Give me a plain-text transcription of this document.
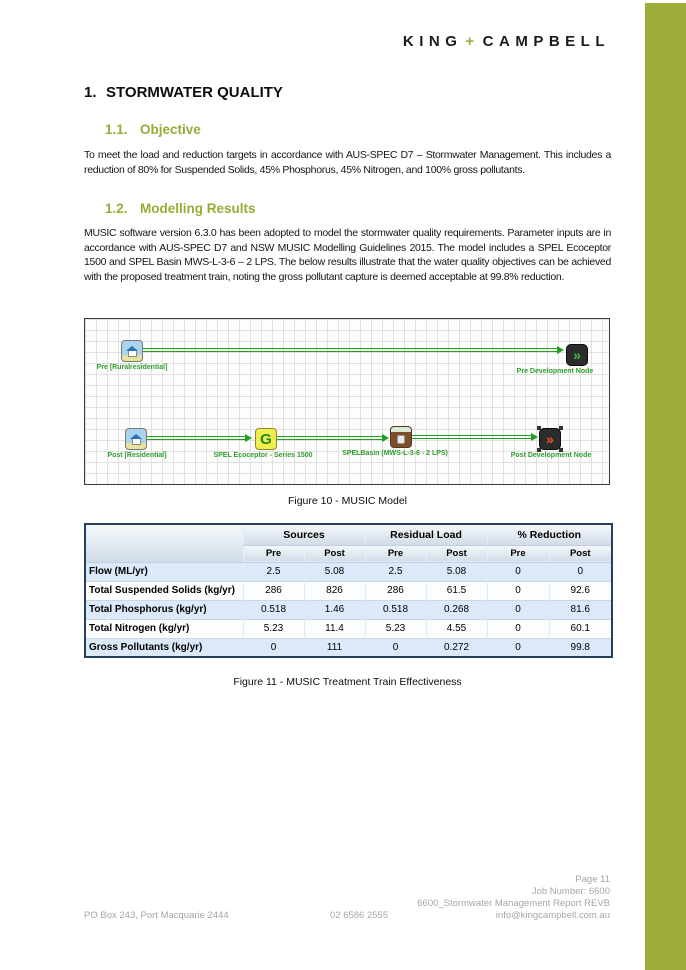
KING + CAMPBELL
1. STORMWATER QUALITY
1.1. Objective
To meet the load and reduction targets in accordance with AUS-SPEC D7 – Stormwater Management. This includes a reduction of 80% for Suspended Solids, 45% Phosphorus, 45% Nitrogen, and 100% gross pollutants.
1.2. Modelling Results
MUSIC software version 6.3.0 has been adopted to model the stormwater quality requirements. Parameter inputs are in accordance with AUS-SPEC D7 and NSW MUSIC Modelling Guidelines 2015. The model includes a SPEL Ecoceptor 1500 and SPEL Basin MWS-L-3-6 – 2 LPS. The below results illustrate that the water quality objectives can be achieved with the proposed treatment train, noting the gross pollutant capture is deemed acceptable at 99.8% reduction.
Pre [Ruralresidential]
»
Pre Development Node
Post [Residential]
G
SPEL Ecoceptor - Series 1500	SPELBasin (MWS-L-3-6 - 2 LPS)
»
Post Development Node
Figure 10 - MUSIC Model
	Sources		Residual Load		% Reduction	
	Pre	Post	Pre	Post	Pre	Post
Flow (ML/yr)	2.5	5.08	2.5	5.08	0	0
Total Suspended Solids (kg/yr)	286	826	286	61.5	0	92.6
Total Phosphorus (kg/yr)	0.518	1.46	0.518	0.268	0	81.6
Total Nitrogen (kg/yr)	5.23	11.4	5.23	4.55	0	60.1
Gross Pollutants (kg/yr)	0	111	0	0.272	0	99.8
Figure 11 - MUSIC Treatment Train Effectiveness
PO Box 243, Port Macquarie 2444	02 6586 2555
Page 11
Job Number: 6600
6600_Stormwater Management Report REVB
info@kingcampbell.com.au
